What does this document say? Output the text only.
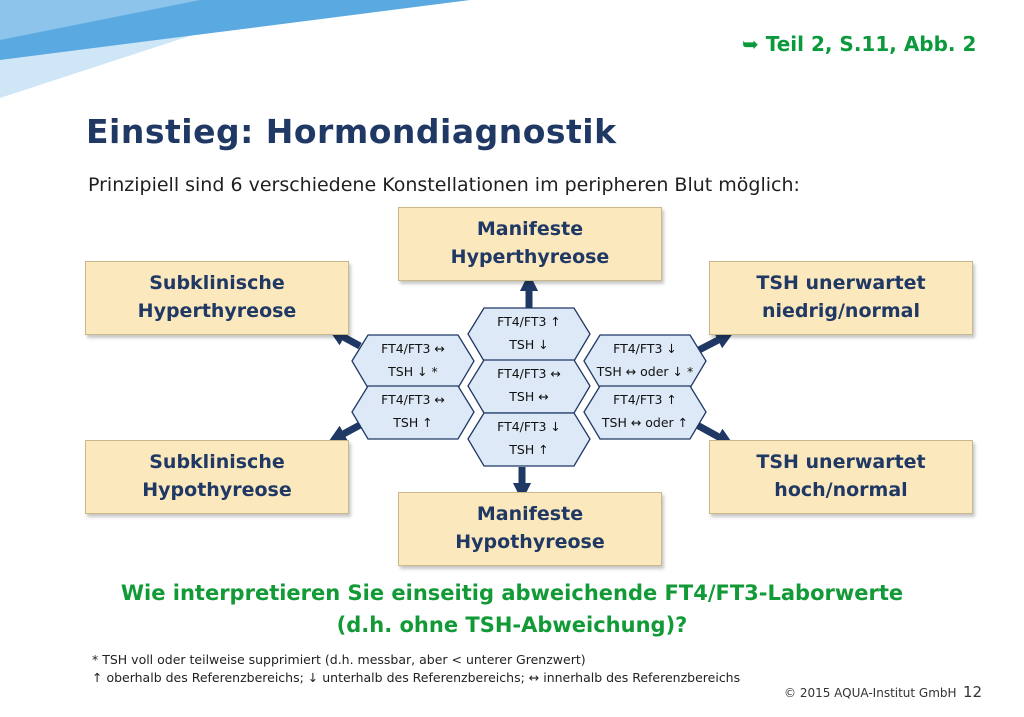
➥ Teil 2, S.11, Abb. 2
Einstieg: Hormondiagnostik
Prinzipiell sind 6 verschiedene Konstellationen im peripheren Blut möglich:
FT4/FT3 ↑
TSH ↓
FT4/FT3 ↔
TSH ↓ *
FT4/FT3 ↓
TSH ↔ oder ↓ *
FT4/FT3 ↔
TSH ↔
FT4/FT3 ↔
TSH ↑
FT4/FT3 ↑
TSH ↔ oder ↑
FT4/FT3 ↓
TSH ↑
Manifeste Hyperthyreose
Subklinische
Hyperthyreose
TSH unerwartet
niedrig/normal
Subklinische
Hypothyreose
TSH unerwartet
hoch/normal
Manifeste Hypothyreose
Wie interpretieren Sie einseitig abweichende FT4/FT3-Laborwerte
(d.h. ohne TSH-Abweichung)?
* TSH voll oder teilweise supprimiert (d.h. messbar, aber < unterer Grenzwert)
↑ oberhalb des Referenzbereichs; ↓ unterhalb des Referenzbereichs; ↔ innerhalb des Referenzbereichs
© 2015 AQUA-Institut GmbH 12
